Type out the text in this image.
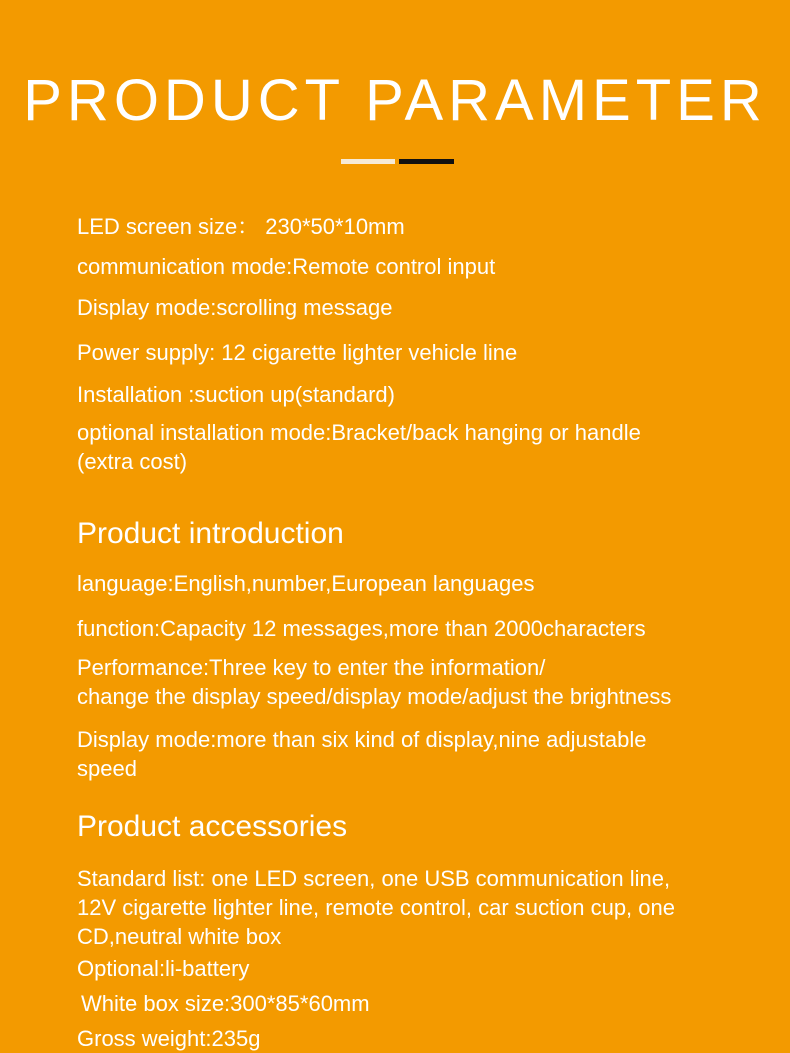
PRODUCT PARAMETER

LED screen size： 230*50*10mm

communication mode:Remote control input

Display mode:scrolling message

Power supply: 12 cigarette lighter vehicle line

Installation :suction up(standard)

optional installation mode:Bracket/back hanging or handle

(extra cost)

Product introduction

language:English,number,European languages

function:Capacity 12 messages,more than 2000characters

Performance:Three key to enter the information/

change the display speed/display mode/adjust the brightness

Display mode:more than six kind of display,nine adjustable

speed

Product accessories

Standard list: one LED screen, one USB communication line,

12V cigarette lighter line, remote control, car suction cup, one

CD,neutral white box

Optional:li-battery

White box size:300*85*60mm

Gross weight:235g
